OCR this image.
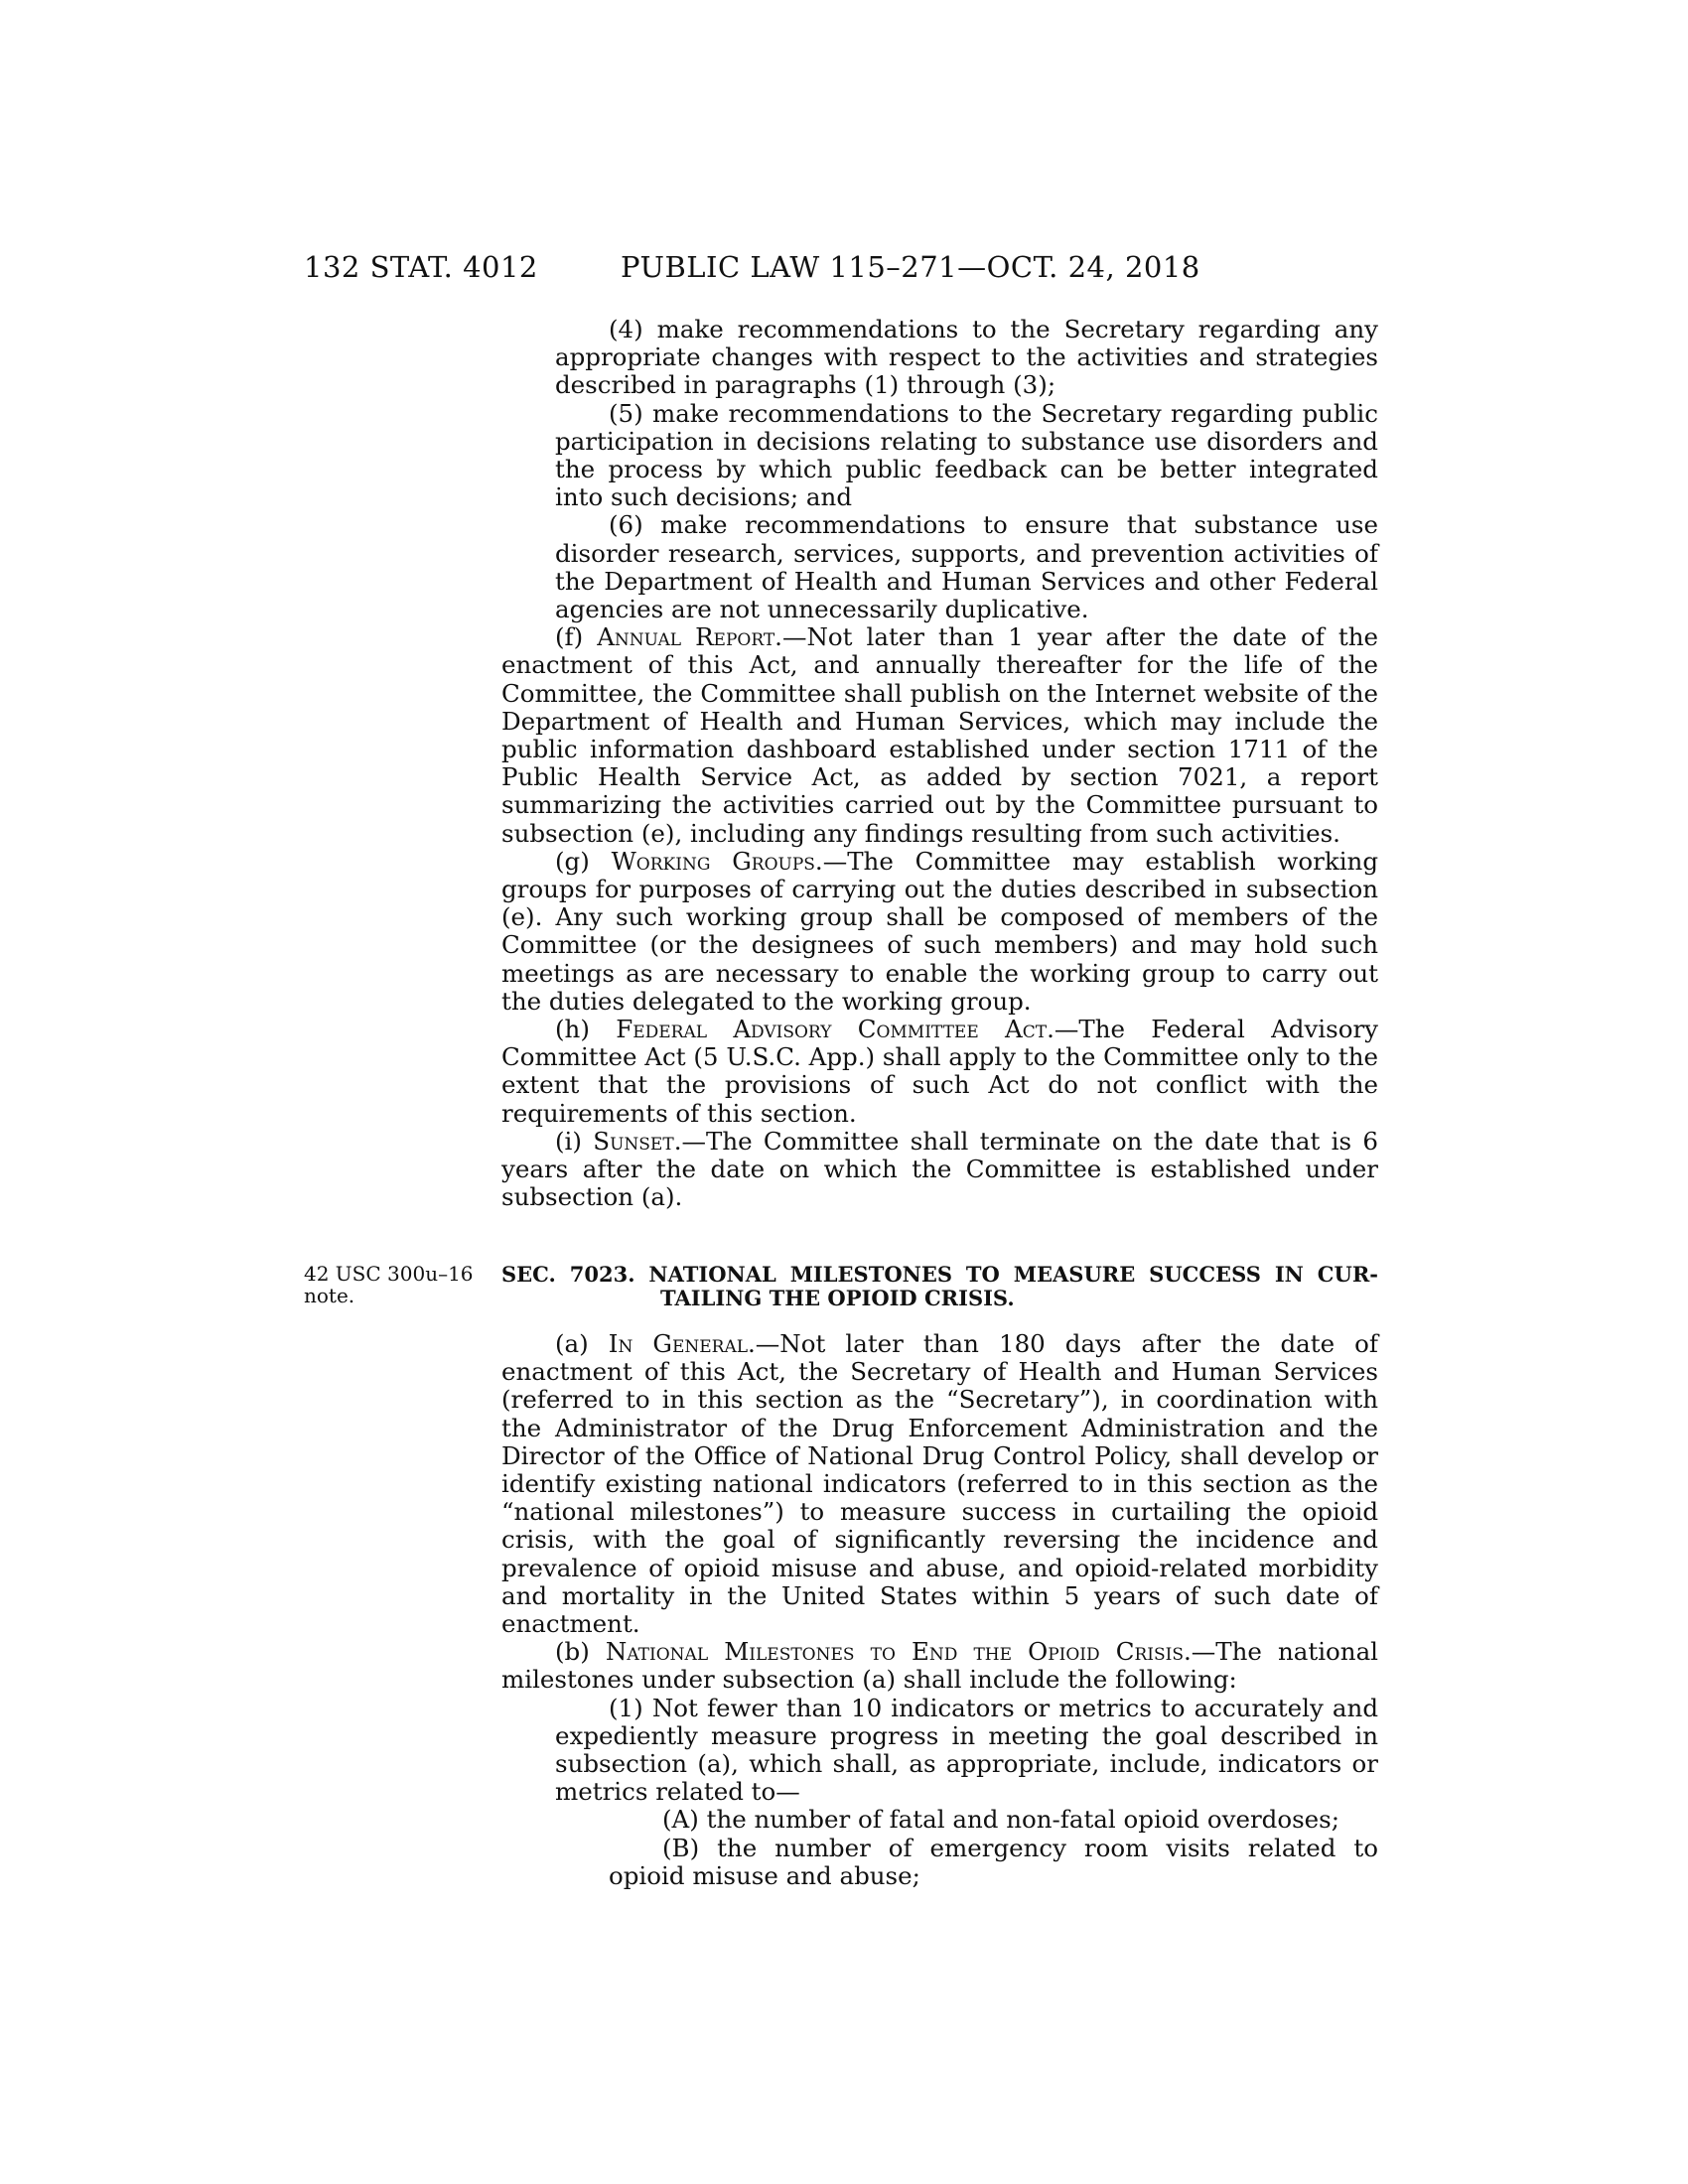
132 STAT. 4012	PUBLIC LAW 115–271—OCT. 24, 2018

(4) make recommendations to the Secretary regarding any appropriate changes with respect to the activities and strategies described in paragraphs (1) through (3);

(5) make recommendations to the Secretary regarding public participation in decisions relating to substance use disorders and the process by which public feedback can be better integrated into such decisions; and

(6) make recommendations to ensure that substance use disorder research, services, supports, and prevention activities of the Department of Health and Human Services and other Federal agencies are not unnecessarily duplicative.

(f) Annual Report.—Not later than 1 year after the date of the enactment of this Act, and annually thereafter for the life of the Committee, the Committee shall publish on the Internet website of the Department of Health and Human Services, which may include the public information dashboard established under section 1711 of the Public Health Service Act, as added by section 7021, a report summarizing the activities carried out by the Committee pursuant to subsection (e), including any findings resulting from such activities.

(g) Working Groups.—The Committee may establish working groups for purposes of carrying out the duties described in subsection (e). Any such working group shall be composed of members of the Committee (or the designees of such members) and may hold such meetings as are necessary to enable the working group to carry out the duties delegated to the working group.

(h) Federal Advisory Committee Act.—The Federal Advisory Committee Act (5 U.S.C. App.) shall apply to the Committee only to the extent that the provisions of such Act do not conflict with the requirements of this section.

(i) Sunset.—The Committee shall terminate on the date that is 6 years after the date on which the Committee is established under subsection (a).

42 USC 300u–16
note.
SEC. 7023. NATIONAL MILESTONES TO MEASURE SUCCESS IN CUR-
TAILING THE OPIOID CRISIS.

(a) In General.—Not later than 180 days after the date of enactment of this Act, the Secretary of Health and Human Services (referred to in this section as the “Secretary”), in coordination with the Administrator of the Drug Enforcement Administration and the Director of the Office of National Drug Control Policy, shall develop or identify existing national indicators (referred to in this section as the “national milestones”) to measure success in curtailing the opioid crisis, with the goal of significantly reversing the incidence and prevalence of opioid misuse and abuse, and opioid-related morbidity and mortality in the United States within 5 years of such date of enactment.

(b) National Milestones to End the Opioid Crisis.—The national milestones under subsection (a) shall include the following:

(1) Not fewer than 10 indicators or metrics to accurately and expediently measure progress in meeting the goal described in subsection (a), which shall, as appropriate, include, indicators or metrics related to—

(A) the number of fatal and non-fatal opioid overdoses;

(B) the number of emergency room visits related to opioid misuse and abuse;
